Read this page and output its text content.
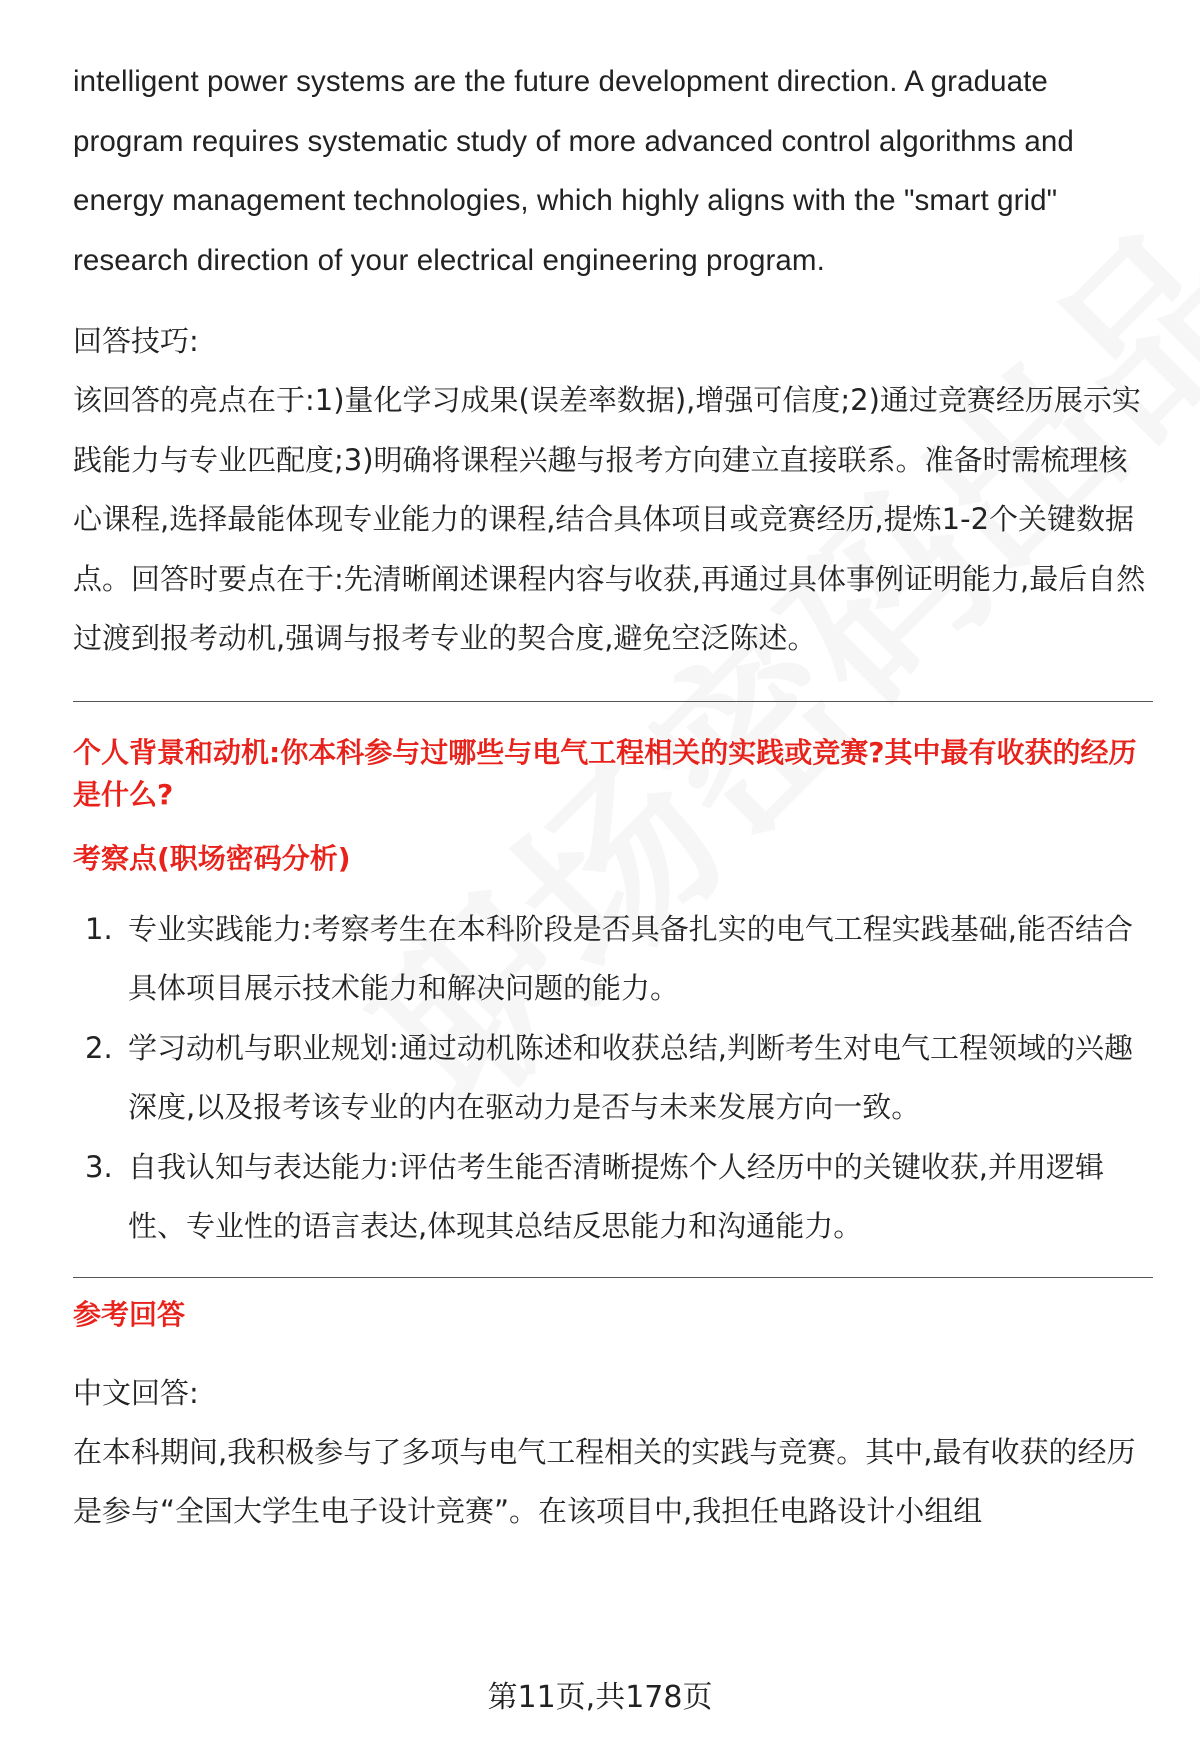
intelligent power systems are the future development direction. A graduate program requires systematic study of more advanced control algorithms and energy management technologies, which highly aligns with the "smart grid" research direction of your electrical engineering program.

回答技巧:

该回答的亮点在于:1)量化学习成果(误差率数据),增强可信度;2)通过竞赛经历展示实践能力与专业匹配度;3)明确将课程兴趣与报考方向建立直接联系。准备时需梳理核心课程,选择最能体现专业能力的课程,结合具体项目或竞赛经历,提炼1-2个关键数据点。回答时要点在于:先清晰阐述课程内容与收获,再通过具体事例证明能力,最后自然过渡到报考动机,强调与报考专业的契合度,避免空泛陈述。

个人背景和动机:你本科参与过哪些与电气工程相关的实践或竞赛?其中最有收获的经历是什么?

考察点(职场密码分析)

1. 专业实践能力:考察考生在本科阶段是否具备扎实的电气工程实践基础,能否结合具体项目展示技术能力和解决问题的能力。
2. 学习动机与职业规划:通过动机陈述和收获总结,判断考生对电气工程领域的兴趣深度,以及报考该专业的内在驱动力是否与未来发展方向一致。
3. 自我认知与表达能力:评估考生能否清晰提炼个人经历中的关键收获,并用逻辑性、专业性的语言表达,体现其总结反思能力和沟通能力。

参考回答

中文回答:

在本科期间,我积极参与了多项与电气工程相关的实践与竞赛。其中,最有收获的经历是参与“全国大学生电子设计竞赛”。在该项目中,我担任电路设计小组组

第11页,共178页
